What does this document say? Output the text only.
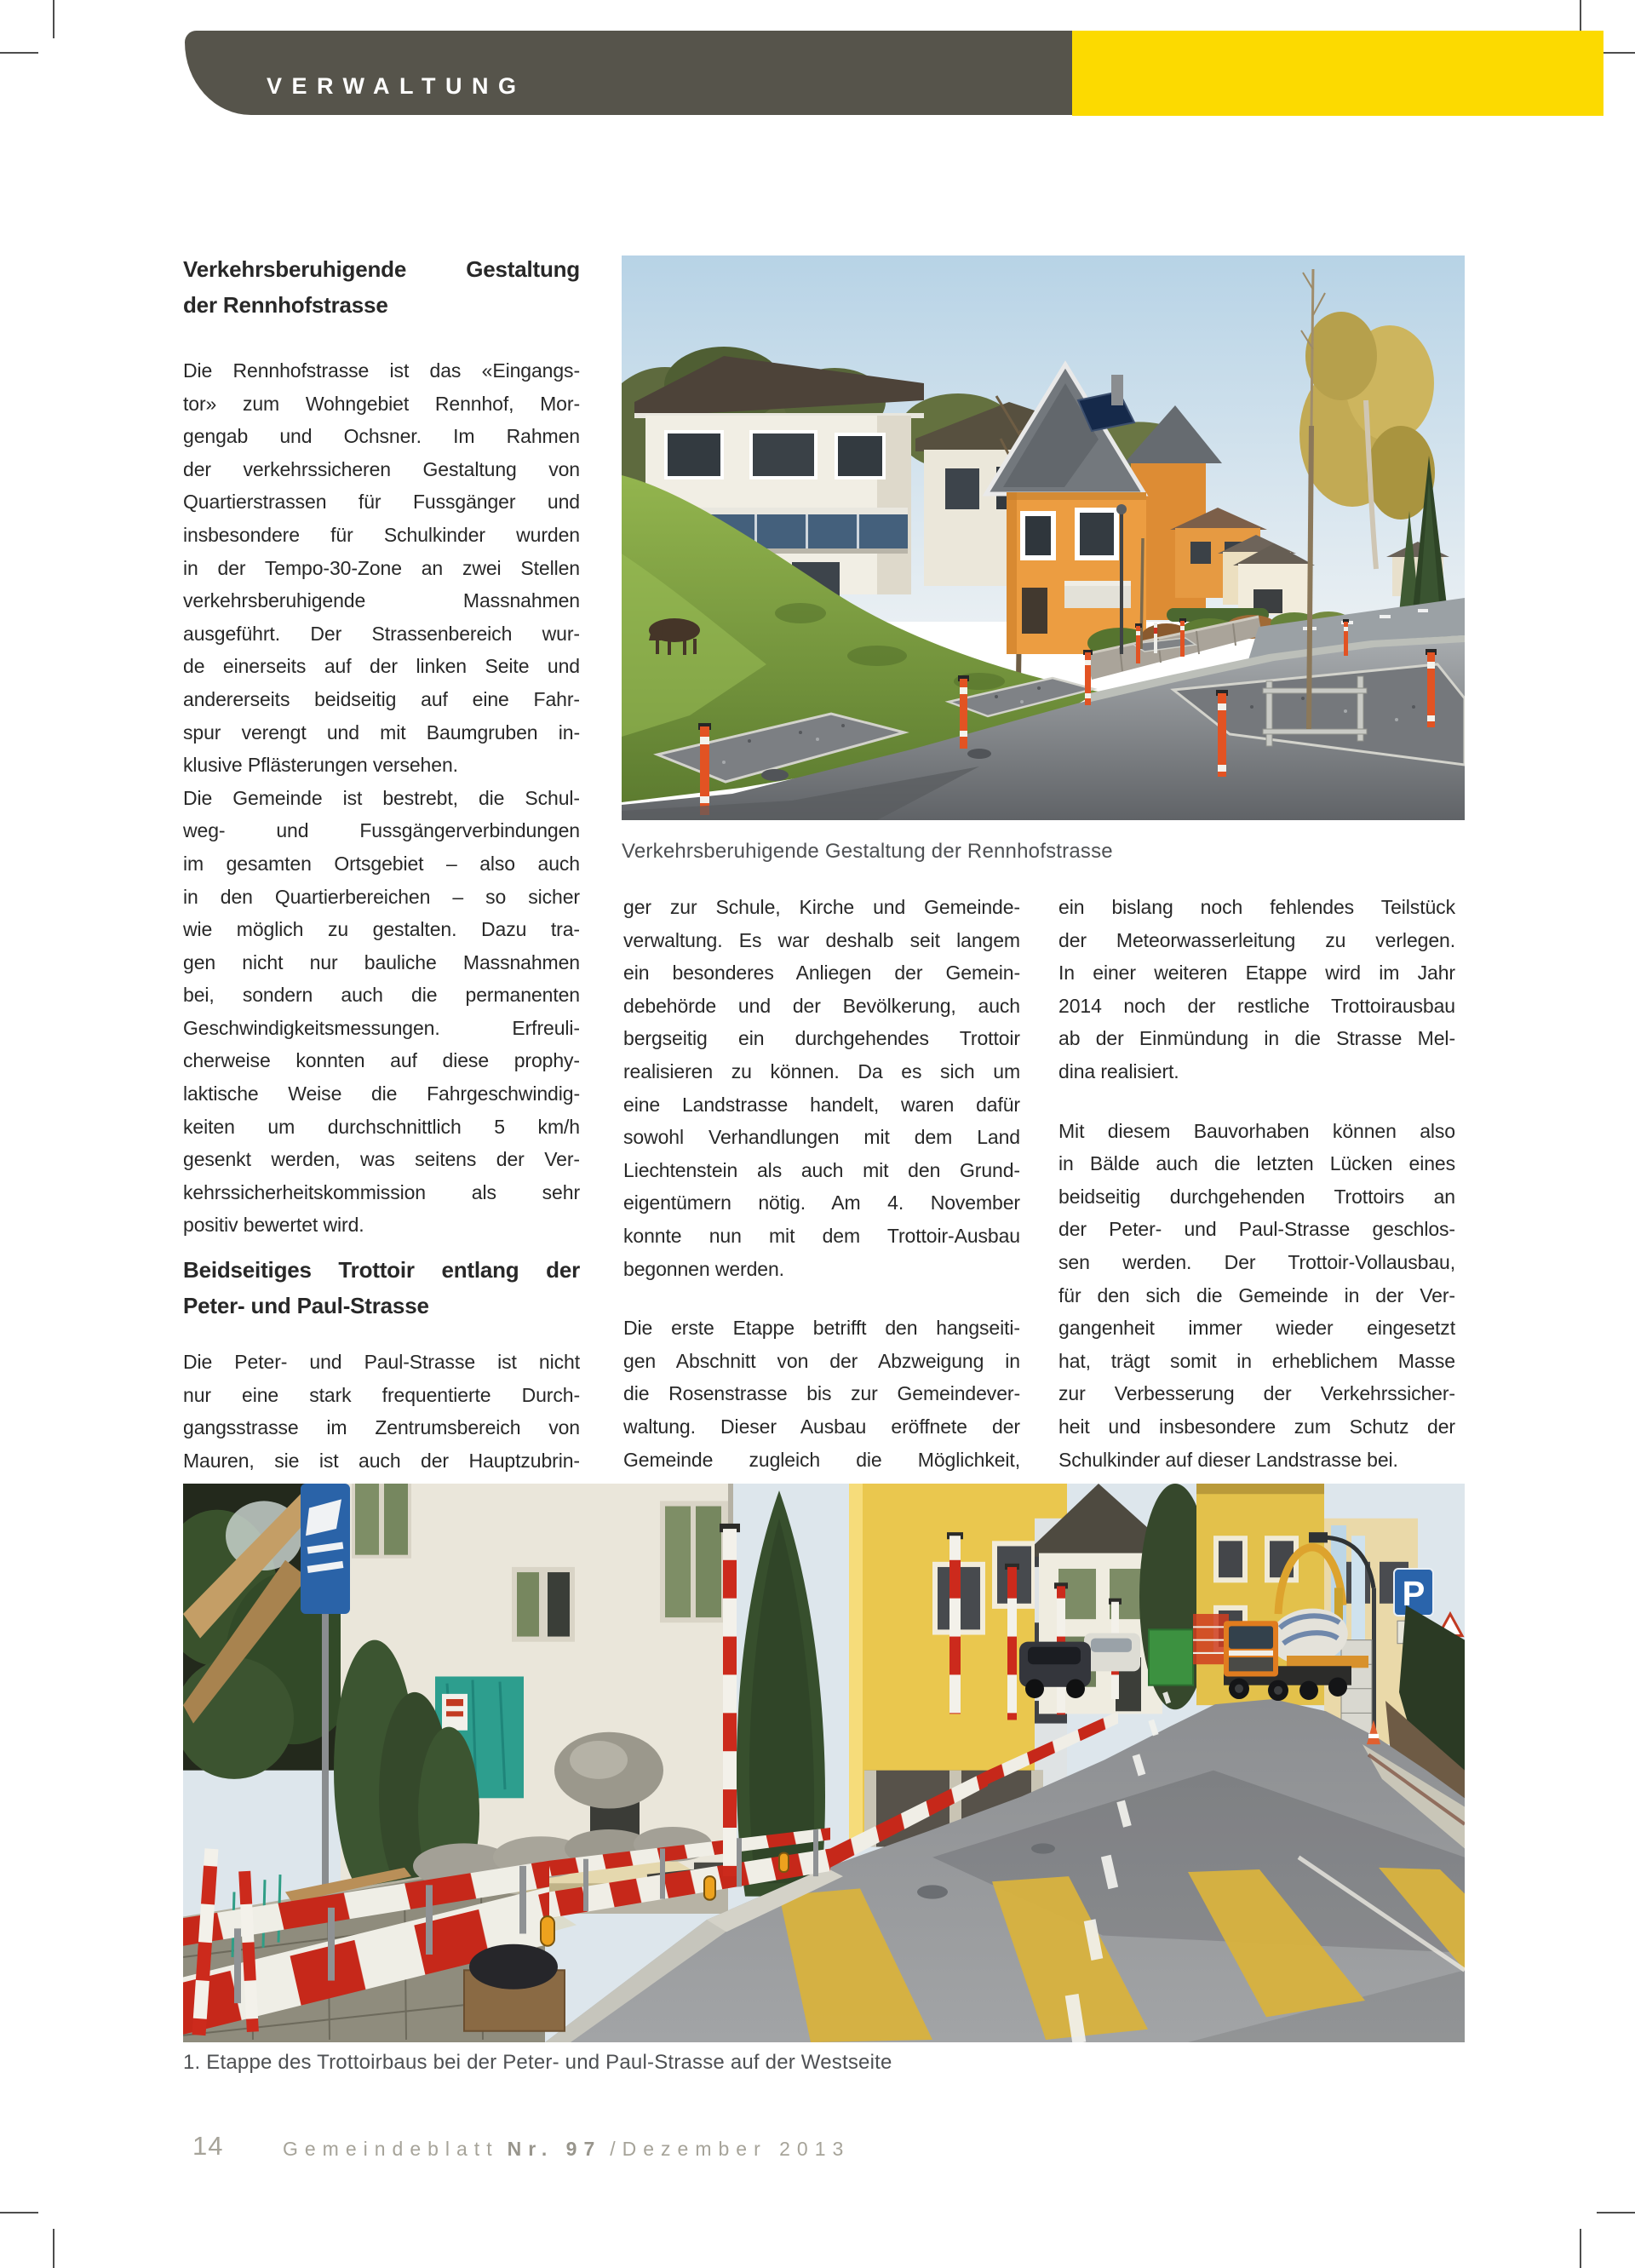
VERWALTUNG
Verkehrsberuhigende Gestaltung
der Rennhofstrasse
Die Rennhofstrasse ist das «Eingangs-
tor» zum Wohngebiet Rennhof, Mor-
gengab und Ochsner. Im Rahmen
der verkehrssicheren Gestaltung von
Quartierstrassen für Fussgänger und
insbesondere für Schulkinder wurden
in der Tempo-30-Zone an zwei Stellen
verkehrsberuhigende Massnahmen
ausgeführt. Der Strassenbereich wur-
de einerseits auf der linken Seite und
andererseits beidseitig auf eine Fahr-
spur verengt und mit Baumgruben in-
klusive Pflästerungen versehen.
Die Gemeinde ist bestrebt, die Schul-
weg- und Fussgängerverbindungen
im gesamten Ortsgebiet – also auch
in den Quartierbereichen – so sicher
wie möglich zu gestalten. Dazu tra-
gen nicht nur bauliche Massnahmen
bei, sondern auch die permanenten
Geschwindigkeitsmessungen. Erfreuli-
cherweise konnten auf diese prophy-
laktische Weise die Fahrgeschwindig-
keiten um durchschnittlich 5 km/h
gesenkt werden, was seitens der Ver-
kehrssicherheitskommission als sehr
positiv bewertet wird.
Beidseitiges Trottoir entlang der
Peter- und Paul-Strasse
Die Peter- und Paul-Strasse ist nicht
nur eine stark frequentierte Durch-
gangsstrasse im Zentrumsbereich von
Mauren, sie ist auch der Hauptzubrin-
Verkehrsberuhigende Gestaltung der Rennhofstrasse
ger zur Schule, Kirche und Gemeinde-
verwaltung. Es war deshalb seit langem
ein besonderes Anliegen der Gemein-
debehörde und der Bevölkerung, auch
bergseitig ein durchgehendes Trottoir
realisieren zu können. Da es sich um
eine Landstrasse handelt, waren dafür
sowohl Verhandlungen mit dem Land
Liechtenstein als auch mit den Grund-
eigentümern nötig. Am 4. November
konnte nun mit dem Trottoir-Ausbau
begonnen werden.
Die erste Etappe betrifft den hangseiti-
gen Abschnitt von der Abzweigung in
die Rosenstrasse bis zur Gemeindever-
waltung. Dieser Ausbau eröffnete der
Gemeinde zugleich die Möglichkeit,
ein bislang noch fehlendes Teilstück
der Meteorwasserleitung zu verlegen.
In einer weiteren Etappe wird im Jahr
2014 noch der restliche Trottoirausbau
ab der Einmündung in die Strasse Mel-
dina realisiert.
Mit diesem Bauvorhaben können also
in Bälde auch die letzten Lücken eines
beidseitig durchgehenden Trottoirs an
der Peter- und Paul-Strasse geschlos-
sen werden. Der Trottoir-Vollausbau,
für den sich die Gemeinde in der Ver-
gangenheit immer wieder eingesetzt
hat, trägt somit in erheblichem Masse
zur Verbesserung der Verkehrssicher-
heit und insbesondere zum Schutz der
Schulkinder auf dieser Landstrasse bei.
P
1. Etappe des Trottoirbaus bei der Peter- und Paul-Strasse auf der Westseite
14	Gemeindeblatt Nr. 97 /Dezember 2013
